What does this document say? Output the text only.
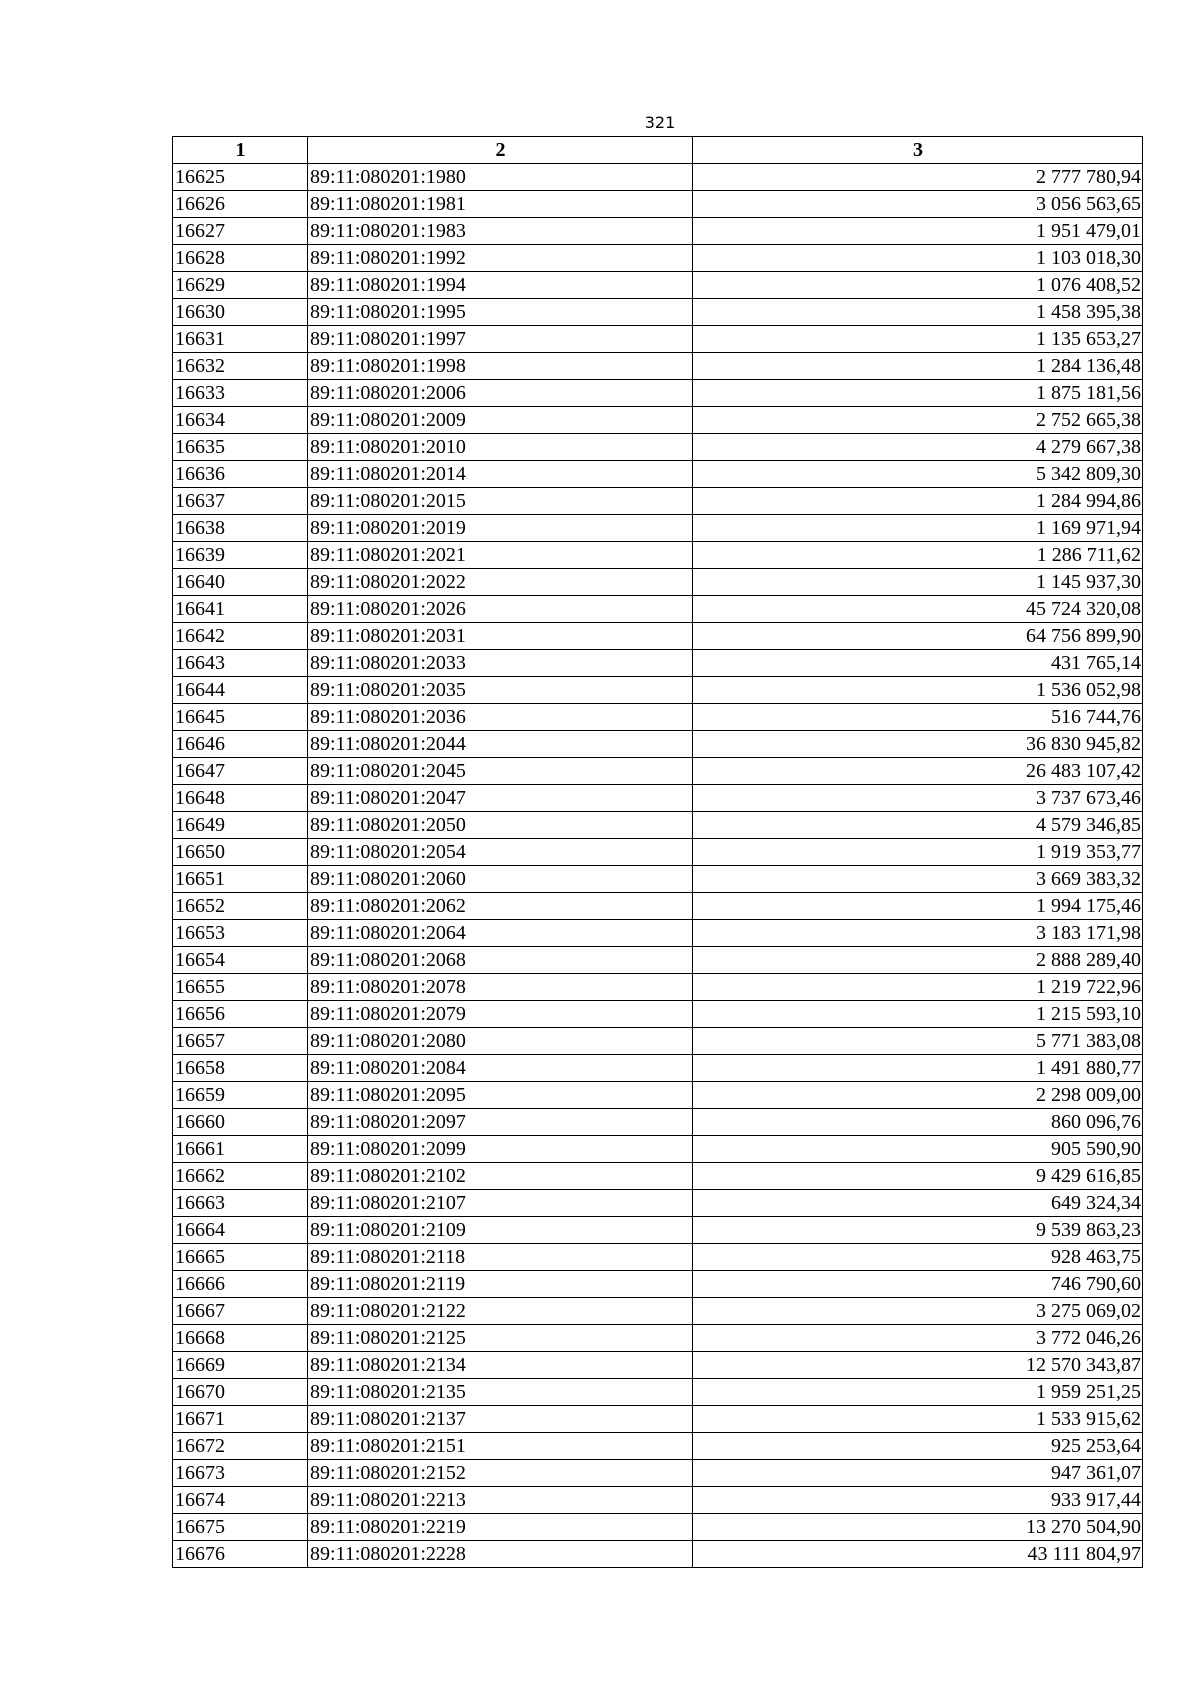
321
1	2	3
16625	89:11:080201:1980	2 777 780,94
16626	89:11:080201:1981	3 056 563,65
16627	89:11:080201:1983	1 951 479,01
16628	89:11:080201:1992	1 103 018,30
16629	89:11:080201:1994	1 076 408,52
16630	89:11:080201:1995	1 458 395,38
16631	89:11:080201:1997	1 135 653,27
16632	89:11:080201:1998	1 284 136,48
16633	89:11:080201:2006	1 875 181,56
16634	89:11:080201:2009	2 752 665,38
16635	89:11:080201:2010	4 279 667,38
16636	89:11:080201:2014	5 342 809,30
16637	89:11:080201:2015	1 284 994,86
16638	89:11:080201:2019	1 169 971,94
16639	89:11:080201:2021	1 286 711,62
16640	89:11:080201:2022	1 145 937,30
16641	89:11:080201:2026	45 724 320,08
16642	89:11:080201:2031	64 756 899,90
16643	89:11:080201:2033	431 765,14
16644	89:11:080201:2035	1 536 052,98
16645	89:11:080201:2036	516 744,76
16646	89:11:080201:2044	36 830 945,82
16647	89:11:080201:2045	26 483 107,42
16648	89:11:080201:2047	3 737 673,46
16649	89:11:080201:2050	4 579 346,85
16650	89:11:080201:2054	1 919 353,77
16651	89:11:080201:2060	3 669 383,32
16652	89:11:080201:2062	1 994 175,46
16653	89:11:080201:2064	3 183 171,98
16654	89:11:080201:2068	2 888 289,40
16655	89:11:080201:2078	1 219 722,96
16656	89:11:080201:2079	1 215 593,10
16657	89:11:080201:2080	5 771 383,08
16658	89:11:080201:2084	1 491 880,77
16659	89:11:080201:2095	2 298 009,00
16660	89:11:080201:2097	860 096,76
16661	89:11:080201:2099	905 590,90
16662	89:11:080201:2102	9 429 616,85
16663	89:11:080201:2107	649 324,34
16664	89:11:080201:2109	9 539 863,23
16665	89:11:080201:2118	928 463,75
16666	89:11:080201:2119	746 790,60
16667	89:11:080201:2122	3 275 069,02
16668	89:11:080201:2125	3 772 046,26
16669	89:11:080201:2134	12 570 343,87
16670	89:11:080201:2135	1 959 251,25
16671	89:11:080201:2137	1 533 915,62
16672	89:11:080201:2151	925 253,64
16673	89:11:080201:2152	947 361,07
16674	89:11:080201:2213	933 917,44
16675	89:11:080201:2219	13 270 504,90
16676	89:11:080201:2228	43 111 804,97
